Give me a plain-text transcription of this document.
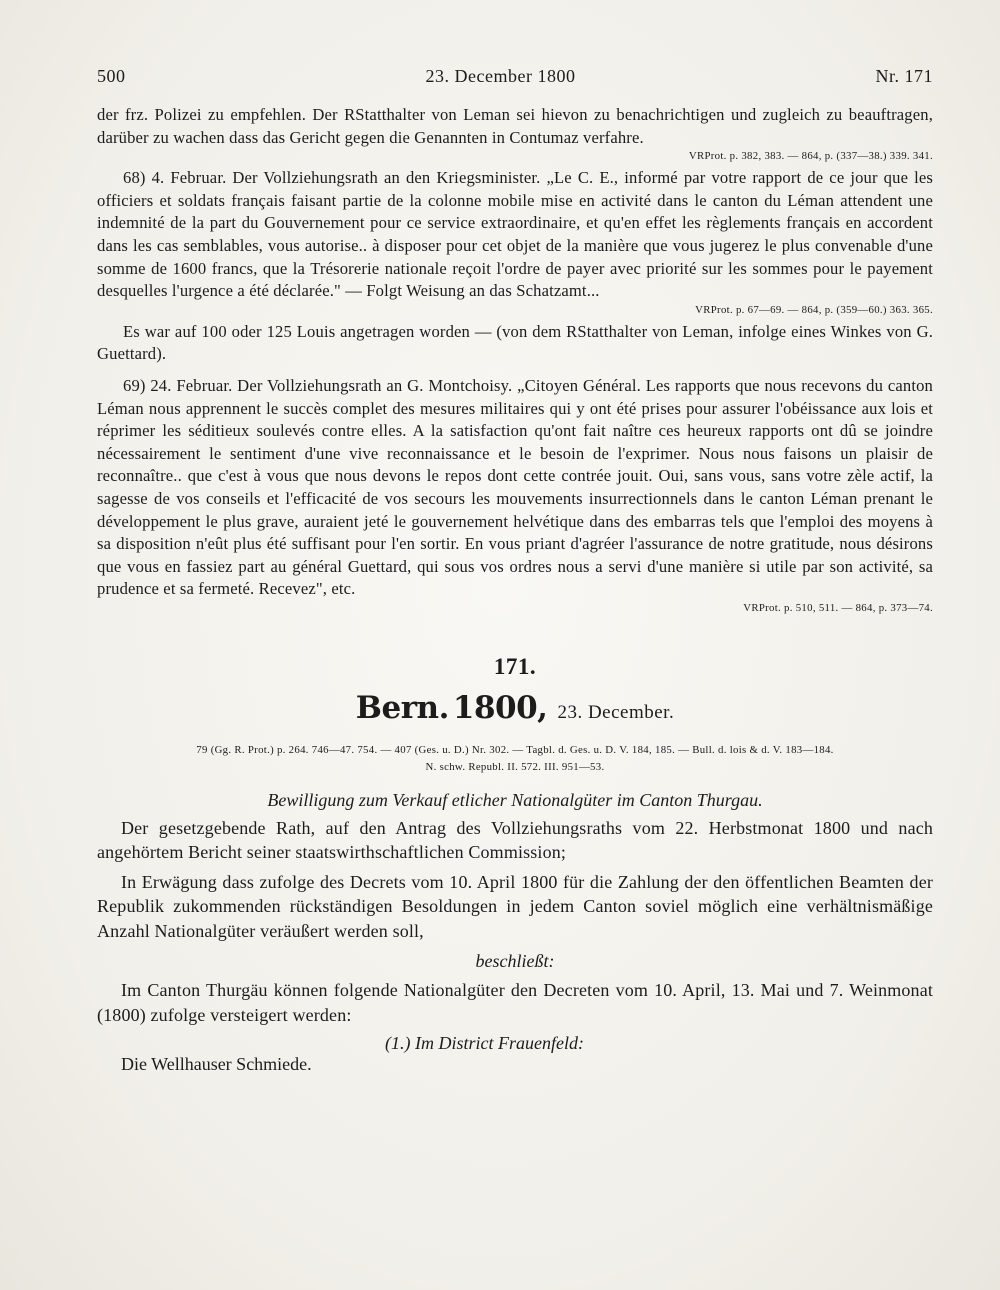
500	23. December 1800	Nr. 171

der frz. Polizei zu empfehlen. Der RStatthalter von Leman sei hievon zu benachrichtigen und zugleich zu beauftragen, darüber zu wachen dass das Gericht gegen die Genannten in Contumaz verfahre.

VRProt. p. 382, 383. — 864, p. (337—38.) 339. 341.

68) 4. Februar. Der Vollziehungsrath an den Kriegsminister. „Le C. E., informé par votre rapport de ce jour que les officiers et soldats français faisant partie de la colonne mobile mise en activité dans le canton du Léman attendent une indemnité de la part du Gouvernement pour ce service extraordinaire, et qu'en effet les règlements français en accordent dans les cas semblables, vous autorise.. à disposer pour cet objet de la manière que vous jugerez le plus convenable d'une somme de 1600 francs, que la Trésorerie nationale reçoit l'ordre de payer avec priorité sur les sommes pour le payement desquelles l'urgence a été déclarée." — Folgt Weisung an das Schatzamt...

VRProt. p. 67—69. — 864, p. (359—60.) 363. 365.

Es war auf 100 oder 125 Louis angetragen worden — (von dem RStatthalter von Leman, infolge eines Winkes von G. Guettard).

69) 24. Februar. Der Vollziehungsrath an G. Montchoisy. „Citoyen Général. Les rapports que nous recevons du canton Léman nous apprennent le succès complet des mesures militaires qui y ont été prises pour assurer l'obéissance aux lois et réprimer les séditieux soulevés contre elles. A la satisfaction qu'ont fait naître ces heureux rapports ont dû se joindre nécessairement le sentiment d'une vive reconnaissance et le besoin de l'exprimer. Nous nous faisons un plaisir de reconnaître.. que c'est à vous que nous devons le repos dont cette contrée jouit. Oui, sans vous, sans votre zèle actif, la sagesse de vos conseils et l'efficacité de vos secours les mouvements insurrectionnels dans le canton Léman prenant le développement le plus grave, auraient jeté le gouvernement helvétique dans des embarras tels que l'emploi des moyens à sa disposition n'eût plus été suffisant pour l'en sortir. En vous priant d'agréer l'assurance de notre gratitude, nous désirons que vous en fassiez part au général Guettard, qui sous vos ordres nous a servi d'une manière si utile par son activité, sa prudence et sa fermeté. Recevez", etc.

VRProt. p. 510, 511. — 864, p. 373—74.
171.
Bern. 1800, 23. December.
79 (Gg. R. Prot.) p. 264. 746—47. 754. — 407 (Ges. u. D.) Nr. 302. — Tagbl. d. Ges. u. D. V. 184, 185. — Bull. d. lois & d. V. 183—184.
N. schw. Republ. II. 572. III. 951—53.
Bewilligung zum Verkauf etlicher Nationalgüter im Canton Thurgau.

Der gesetzgebende Rath, auf den Antrag des Vollziehungsraths vom 22. Herbstmonat 1800 und nach angehörtem Bericht seiner staatswirthschaftlichen Commission;

In Erwägung dass zufolge des Decrets vom 10. April 1800 für die Zahlung der den öffentlichen Beamten der Republik zukommenden rückständigen Besoldungen in jedem Canton soviel möglich eine verhältnismäßige Anzahl Nationalgüter veräußert werden soll,

beschließt:

Im Canton Thurgäu können folgende Nationalgüter den Decreten vom 10. April, 13. Mai und 7. Weinmonat (1800) zufolge versteigert werden:

(1.) Im District Frauenfeld:
Die Wellhauser Schmiede.
